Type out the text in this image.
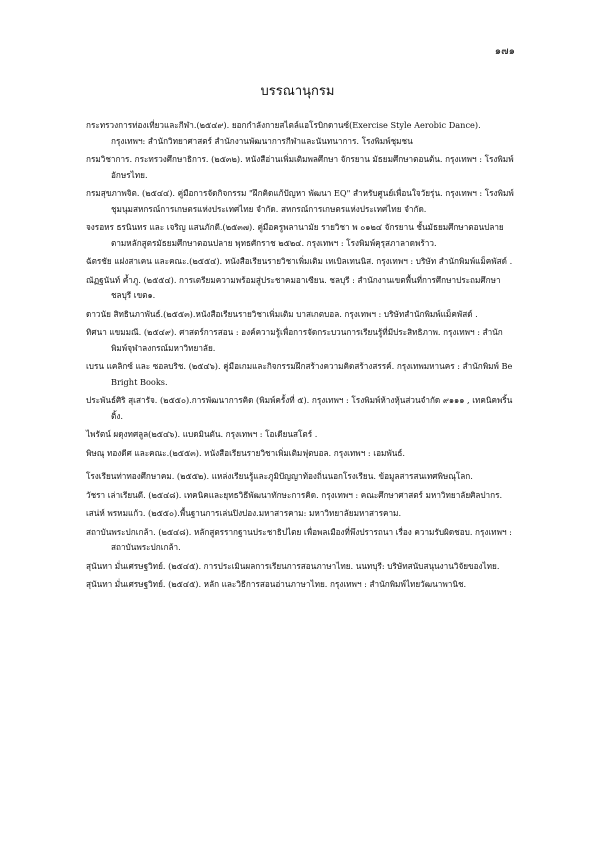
๑๗๑
บรรณานุกรม
กระทรวงการท่องเที่ยวและกีฬา.(๒๕๔๙). ยอกกำลังกายสไตล์แอโรบิกดานซ์(Exercise Style Aerobic Dance). กรุงเทพฯ: สำนักวิทยาศาสตร์ สำนักงานพัฒนาการกีฬาและนันทนาการ. โรงพิมพ์ชุมชน
กรมวิชาการ. กระทรวงศึกษาธิการ. (๒๕๓๒). หนังสือ่านเพิ่มเติมพลศึกษา จักรยาน มัธยมศึกษาตอนต้น. กรุงเทพฯ : โรงพิมพ์อักษรไทย.
กรมสุขภาพจิต. (๒๕๔๔). คู่มือการจัดกิจกรรม "ฝึกคิดแก้ปัญหา พัฒนา EQ" สำหรับศูนย์เพื่อนใจวัยรุ่น. กรุงเทพฯ : โรงพิมพ์ชุมนุมสหกรณ์การเกษตรแห่งประเทศไทย จำกัด. สหกรณ์การเกษตรแห่งประเทศไทย จำกัด.
จงรอหร ธรนินทร และ เจริญ แสนภักดี.(๒๕๓๗). คู่มือครูพลานามัย รายวิชา พ ๐๑๒๔ จักรยาน ชั้นมัธยมศึกษาตอนปลาย ตามหลักสูตรมัธยมศึกษาตอนปลาย พุทธศักราช ๒๕๒๔. กรุงเทพฯ : โรงพิมพ์คุรุสภาลาดพร้าว.
ฉัตรชัย แฝงสาเคน และคณะ.(๒๕๕๔). หนังสือเรียนรายวิชาเพิ่มเติม เทเบิลเทนนิส. กรุงเทพฯ : บริษัท สำนักพิมพ์แม็คพัสด์ .
ณัฏฐนันท์ ค้ำภู. (๒๕๕๔). การเตรียมความพร้อมสู่ประชาคมอาเซียน. ชลบุรี : สำนักงานเขตพื้นที่การศึกษาประถมศึกษา ชลบุรี เขต๑.
ดาวนัย สิทธินภาพันธ์.(๒๕๕๓).หนังสือเรียนรายวิชาเพิ่มเติม บาสเกตบอล. กรุงเทพฯ : บริษัทสำนักพิมพ์แม็คพัสด์ .
ทิศนา แขมมณี. (๒๕๔๙). ศาสตร์การสอน : องค์ความรู้เพื่อการจัดกระบวนการเรียนรู้ที่มีประสิทธิภาพ. กรุงเทพฯ : สำนักพิมพ์จุฬาลงกรณ์มหาวิทยาลัย.
เบรน แคลิกซ์ และ ซอลบริช. (๒๕๔๖). คู่มือเกมและกิจกรรมฝึกสร้างความคิดสร้างสรรค์. กรุงเทพมหานคร : สำนักพิมพ์ Be Bright Books.
ประพันธ์ศิริ สุเสารัจ. (๒๕๕๐).การพัฒนาการคิด (พิมพ์ครั้งที่ ๕). กรุงเทพฯ : โรงพิมพ์ห้างหุ้นส่วนจำกัด ๙๑๑๑ , เทคนิคพริ้นติ้ง.
ไพรัตน์ ผดุงทศลูล(๒๕๔๖). แบดมินตัน. กรุงเทพฯ : โอเดียนสโตร์ .
พิษณุ ทองดีศ และคณะ.(๒๕๕๓). หนังสือเรียนรายวิชาเพิ่มเติมฟุตบอล. กรุงเทพฯ : เอมพันธ์.
โรงเรียนท่าทองศึกษาคม. (๒๕๕๒). แหล่งเรียนรู้และภูมิปัญญาท้องถิ่นนอกโรงเรียน. ข้อมูลสารสนเทศพิษณุโลก.
วัชรา เล่าเรียนดี. (๒๕๔๘). เทคนิคและยุทธวิธีพัฒนาทักษะการคิด. กรุงเทพฯ : คณะศึกษาศาสตร์ มหาวิทยาลัยศิลปากร.
เสน่ห์ พรหมแก้ว. (๒๕๕๐).พื้นฐานการเล่นปิงปอง.มหาสารคาม: มหาวิทยาลัยมหาสารคาม.
สถาบันพระปกเกล้า. (๒๕๔๘). หลักสูตรรากฐานประชาธิปไตย เพื่อพลเมืองที่พึงปรารถนา เรื่อง ความรับผิดชอบ. กรุงเทพฯ : สถาบันพระปกเกล้า.
สุนันทา มั่นเศรษฐวิทย์. (๒๕๔๕). การประเมินผลการเรียนการสอนภาษาไทย. นนทบุรี: บริษัทสนับสนุนงานวิจัยของไทย.
สุนันทา มั่นเศรษฐวิทย์. (๒๕๔๕). หลัก และวิธีการสอนอ่านภาษาไทย. กรุงเทพฯ : สำนักพิมพ์ไทยวัฒนาพานิช.
